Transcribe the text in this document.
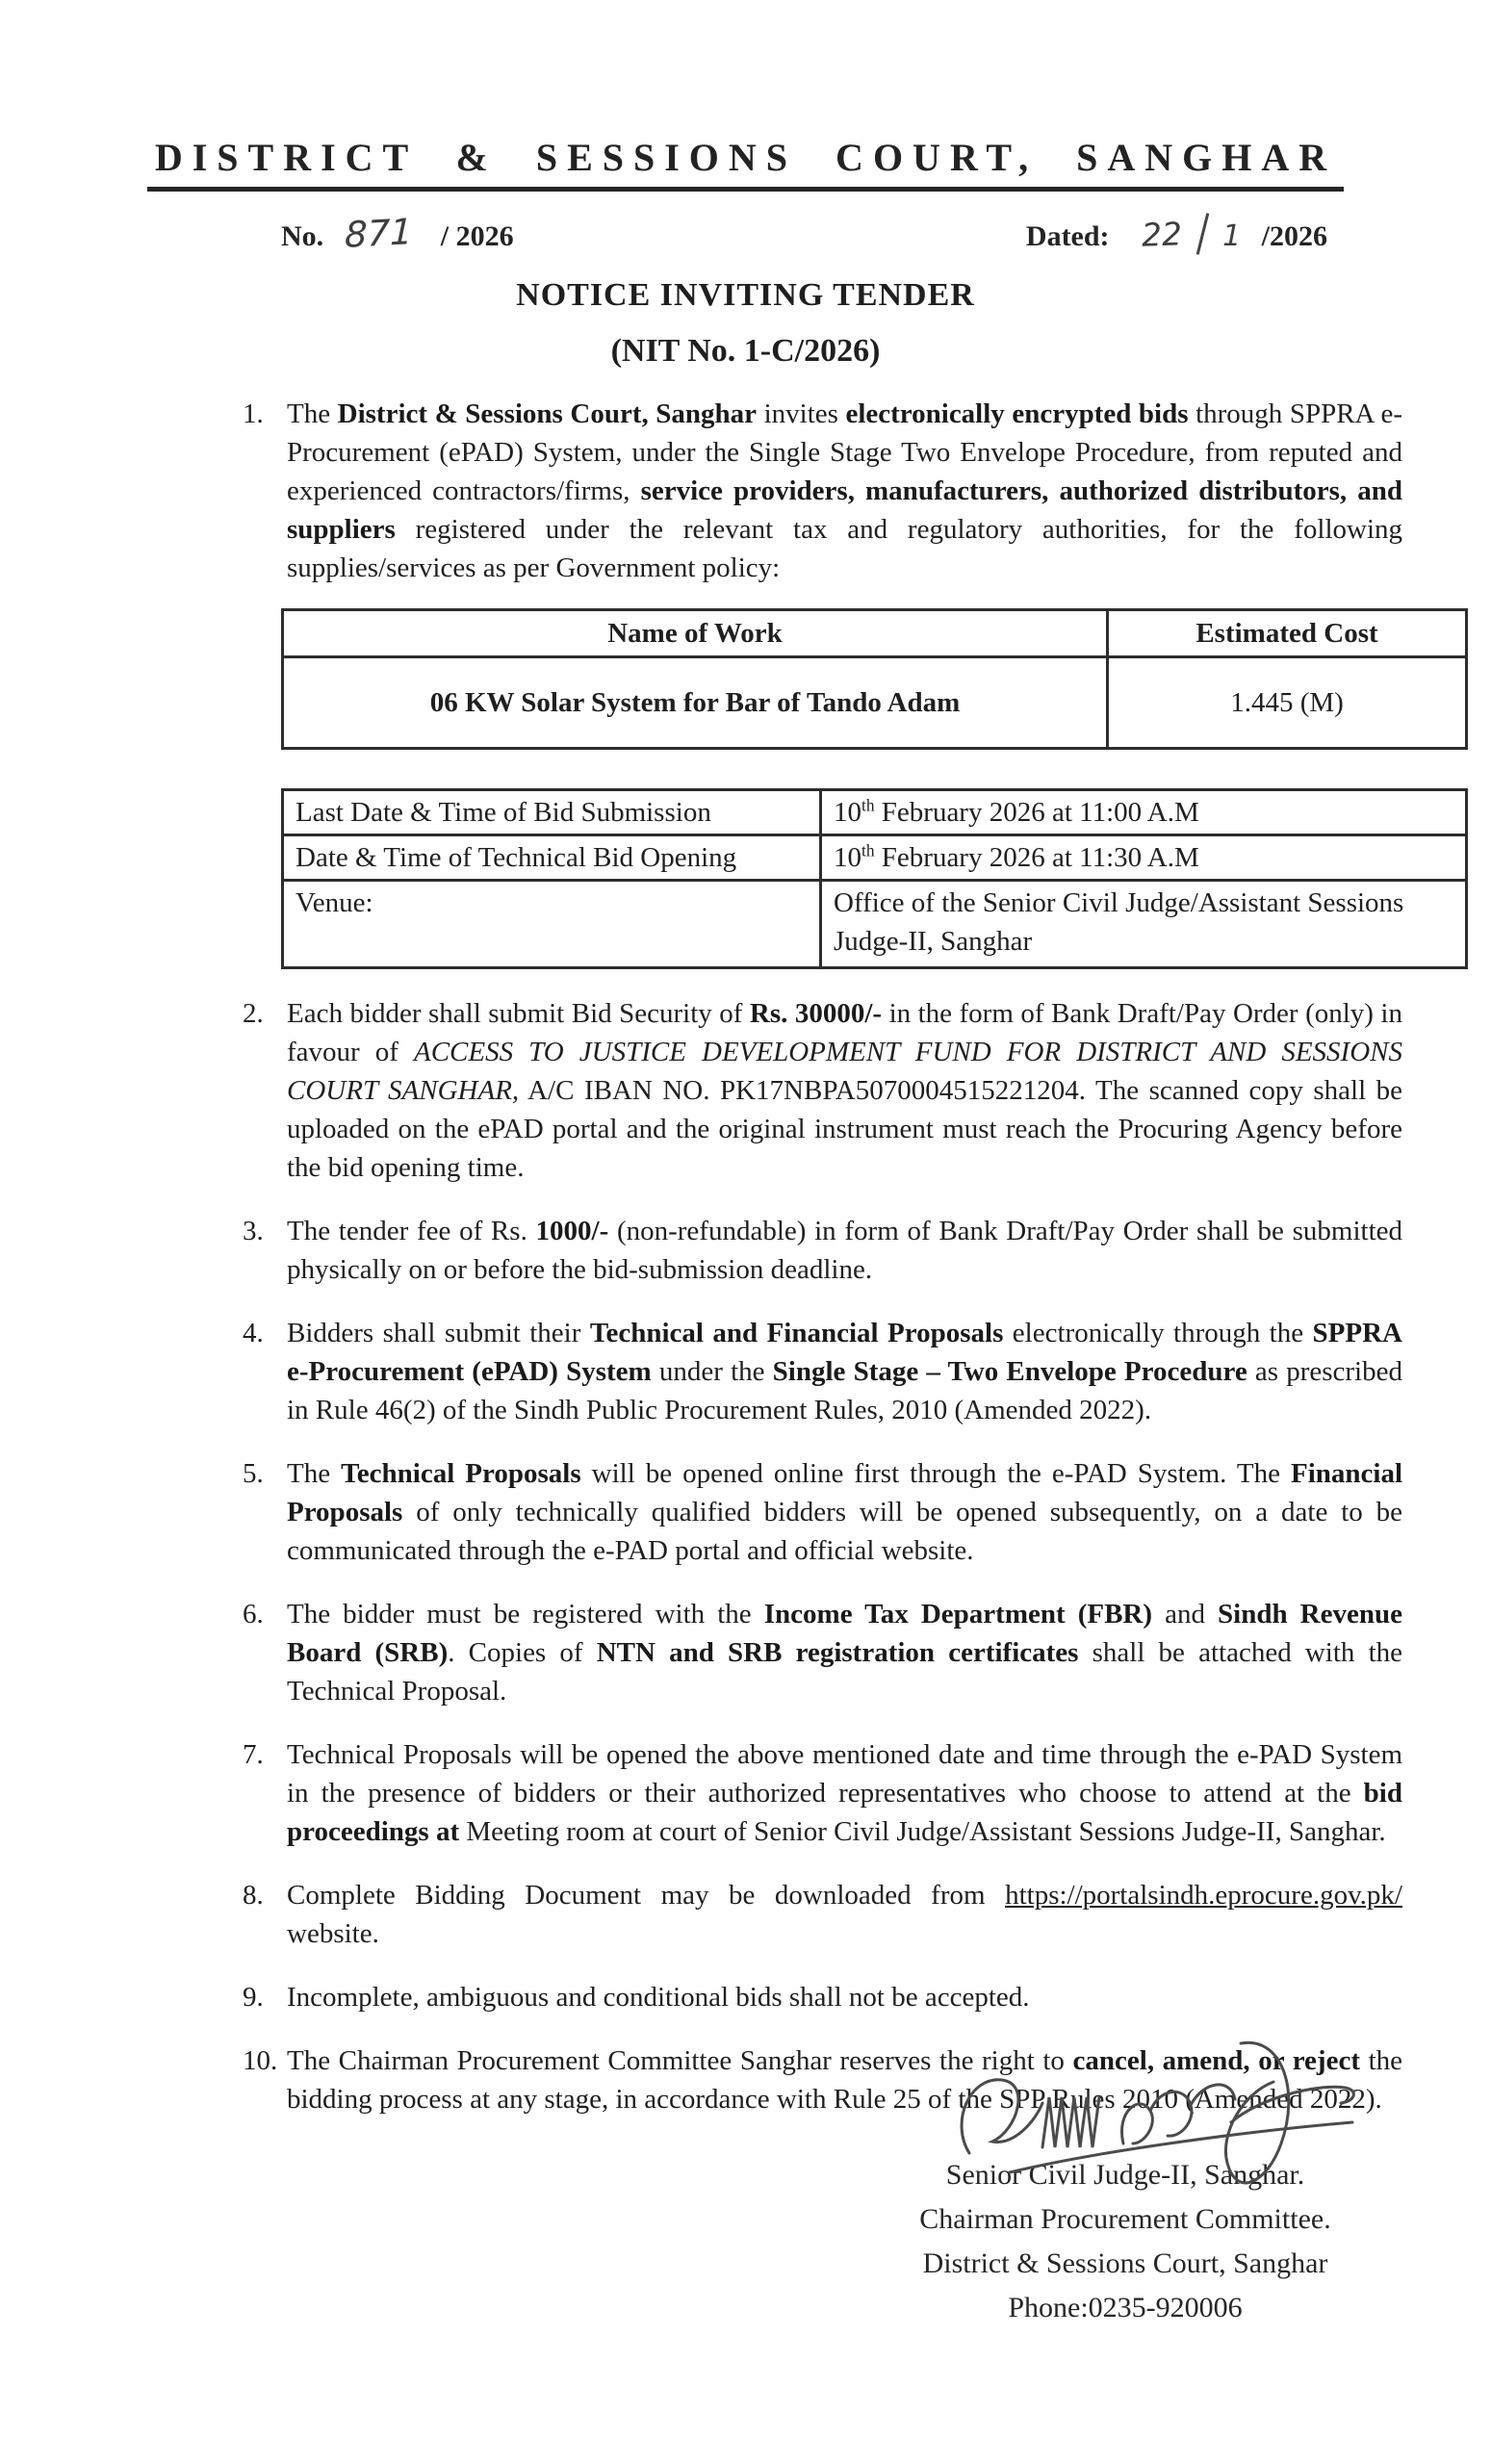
DISTRICT & SESSIONS COURT, SANGHAR
No. 871 / 2026	Dated: 22 1 /2026
NOTICE INVITING TENDER
(NIT No. 1-C/2026)
1. The District & Sessions Court, Sanghar invites electronically encrypted bids through SPPRA e-Procurement (ePAD) System, under the Single Stage Two Envelope Procedure, from reputed and experienced contractors/firms, service providers, manufacturers, authorized distributors, and suppliers registered under the relevant tax and regulatory authorities, for the following supplies/services as per Government policy:
Name of Work	Estimated Cost
06 KW Solar System for Bar of Tando Adam	1.445 (M)
Last Date & Time of Bid Submission	10th February 2026 at 11:00 A.M
Date & Time of Technical Bid Opening	10th February 2026 at 11:30 A.M
Venue:	Office of the Senior Civil Judge/Assistant Sessions Judge-II, Sanghar
2. Each bidder shall submit Bid Security of Rs. 30000/- in the form of Bank Draft/Pay Order (only) in favour of ACCESS TO JUSTICE DEVELOPMENT FUND FOR DISTRICT AND SESSIONS COURT SANGHAR, A/C IBAN NO. PK17NBPA5070004515221204. The scanned copy shall be uploaded on the ePAD portal and the original instrument must reach the Procuring Agency before the bid opening time.
3. The tender fee of Rs. 1000/- (non-refundable) in form of Bank Draft/Pay Order shall be submitted physically on or before the bid-submission deadline.
4. Bidders shall submit their Technical and Financial Proposals electronically through the SPPRA e-Procurement (ePAD) System under the Single Stage – Two Envelope Procedure as prescribed in Rule 46(2) of the Sindh Public Procurement Rules, 2010 (Amended 2022).
5. The Technical Proposals will be opened online first through the e-PAD System. The Financial Proposals of only technically qualified bidders will be opened subsequently, on a date to be communicated through the e-PAD portal and official website.
6. The bidder must be registered with the Income Tax Department (FBR) and Sindh Revenue Board (SRB). Copies of NTN and SRB registration certificates shall be attached with the Technical Proposal.
7. Technical Proposals will be opened the above mentioned date and time through the e-PAD System in the presence of bidders or their authorized representatives who choose to attend at the bid proceedings at Meeting room at court of Senior Civil Judge/Assistant Sessions Judge-II, Sanghar.
8. Complete Bidding Document may be downloaded from https://portalsindh.eprocure.gov.pk/ website.
9. Incomplete, ambiguous and conditional bids shall not be accepted.
10. The Chairman Procurement Committee Sanghar reserves the right to cancel, amend, or reject the bidding process at any stage, in accordance with Rule 25 of the SPP Rules 2010 (Amended 2022).
Senior Civil Judge-II, Sanghar.
Chairman Procurement Committee.
District & Sessions Court, Sanghar
Phone:0235-920006
